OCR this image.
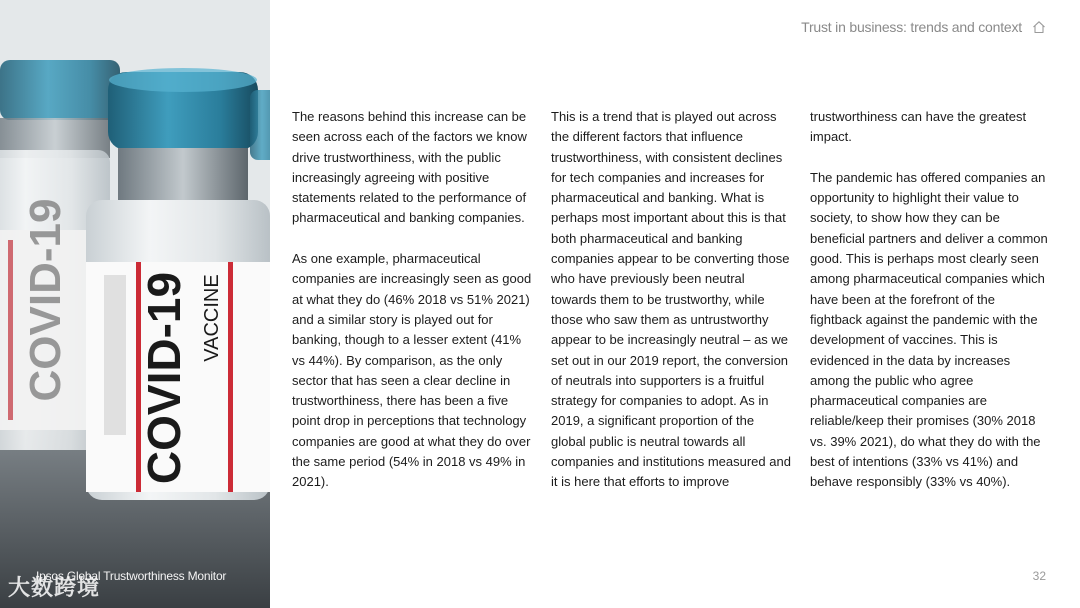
COVID-19 COVID-19 VACCINE
大数跨境
Ipsos Global Trustworthiness Monitor
Trust in business: trends and context

The reasons behind this increase can be seen across each of the factors we know drive trustworthiness, with the public increasingly agreeing with positive statements related to the performance of pharmaceutical and banking companies.

As one example, pharmaceutical companies are increasingly seen as good at what they do (46% 2018 vs 51% 2021) and a similar story is played out for banking, though to a lesser extent (41% vs 44%). By comparison, as the only sector that has seen a clear decline in trustworthiness, there has been a five point drop in perceptions that technology companies are good at what they do over the same period (54% in 2018 vs 49% in 2021).

This is a trend that is played out across the different factors that influence trustworthiness, with consistent declines for tech companies and increases for pharmaceutical and banking. What is perhaps most important about this is that both pharmaceutical and banking companies appear to be converting those who have previously been neutral towards them to be trustworthy, while those who saw them as untrustworthy appear to be increasingly neutral – as we set out in our 2019 report, the conversion of neutrals into supporters is a fruitful strategy for companies to adopt. As in 2019, a significant proportion of the global public is neutral towards all companies and institutions measured and it is here that efforts to improve

trustworthiness can have the greatest impact.

The pandemic has offered companies an opportunity to highlight their value to society, to show how they can be beneficial partners and deliver a common good. This is perhaps most clearly seen among pharmaceutical companies which have been at the forefront of the fightback against the pandemic with the development of vaccines. This is evidenced in the data by increases among the public who agree pharmaceutical companies are reliable/keep their promises (30% 2018 vs. 39% 2021), do what they do with the best of intentions (33% vs 41%) and behave responsibly (33% vs 40%).

32
